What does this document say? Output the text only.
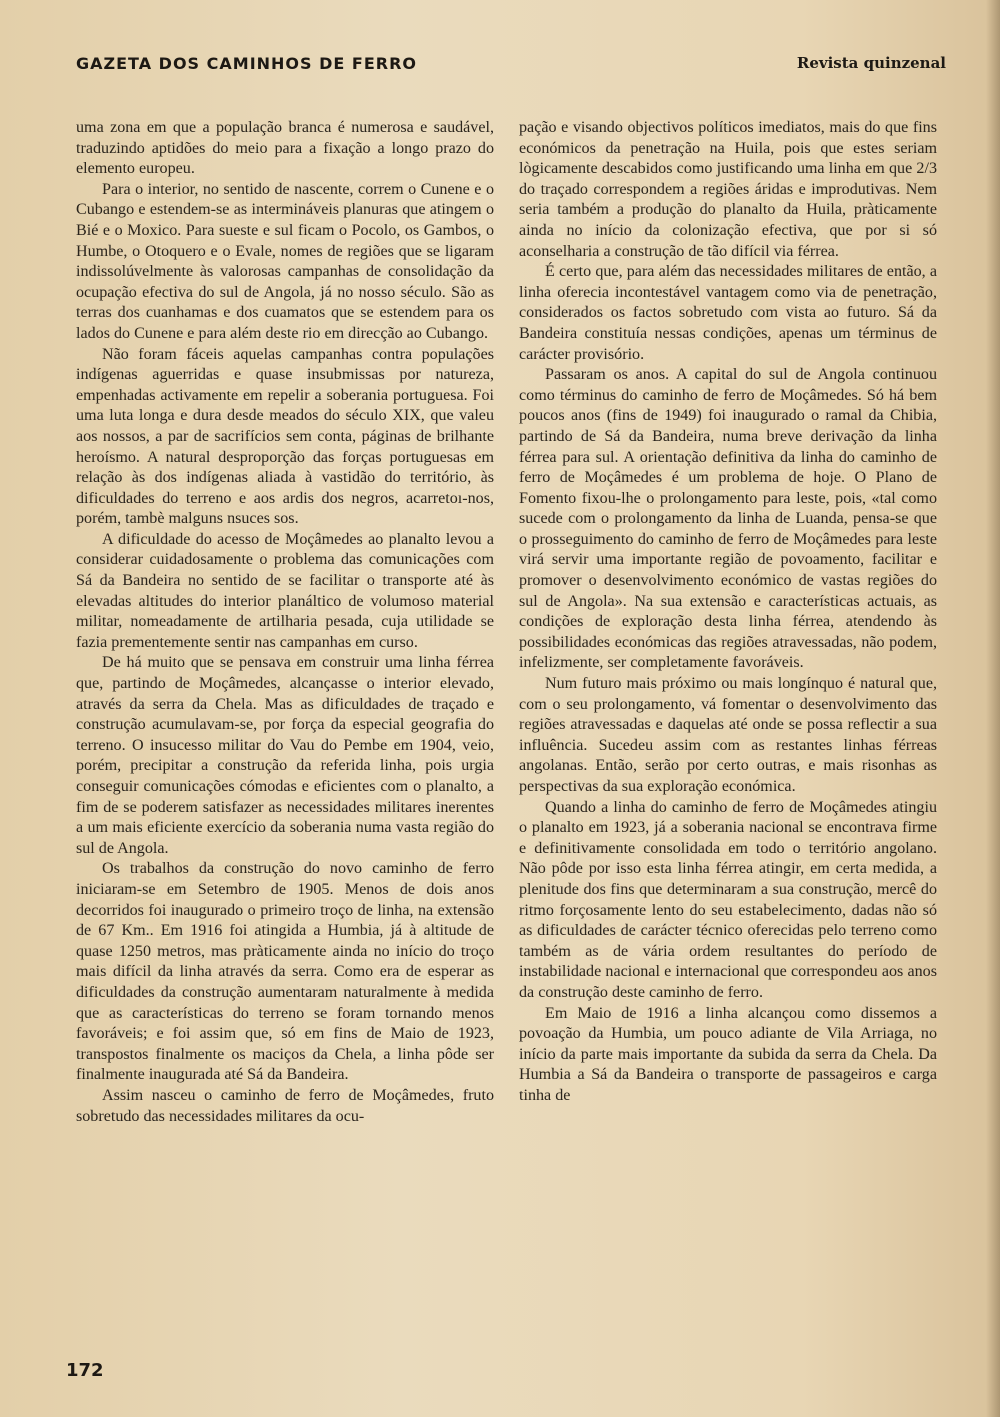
GAZETA DOS CAMINHOS DE FERRO	Revista quinzenal

uma zona em que a população branca é numerosa e saudável, traduzindo aptidões do meio para a fixação a longo prazo do elemento europeu.

Para o interior, no sentido de nascente, correm o Cunene e o Cubango e estendem-se as intermináveis planuras que atingem o Bié e o Moxico. Para sueste e sul ficam o Pocolo, os Gambos, o Humbe, o Otoquero e o Evale, nomes de regiões que se ligaram indissolúvelmente às valorosas campanhas de consolidação da ocupação efectiva do sul de Angola, já no nosso século. São as terras dos cuanhamas e dos cuamatos que se estendem para os lados do Cunene e para além deste rio em direcção ao Cubango.

Não foram fáceis aquelas campanhas contra populações indígenas aguerridas e quase insubmissas por natureza, empenhadas activamente em repelir a soberania portuguesa. Foi uma luta longa e dura desde meados do século XIX, que valeu aos nossos, a par de sacrifícios sem conta, páginas de brilhante heroísmo. A natural desproporção das forças portuguesas em relação às dos indígenas aliada à vastidão do território, às dificuldades do terreno e aos ardis dos negros, acarretoı-nos, porém, tambè malguns nsuces sos.

A dificuldade do acesso de Moçâmedes ao planalto levou a considerar cuidadosamente o problema das comunicações com Sá da Bandeira no sentido de se facilitar o transporte até às elevadas altitudes do interior planáltico de volumoso material militar, nomeadamente de artilharia pesada, cuja utilidade se fazia prementemente sentir nas campanhas em curso.

De há muito que se pensava em construir uma linha férrea que, partindo de Moçâmedes, alcançasse o interior elevado, através da serra da Chela. Mas as dificuldades de traçado e construção acumulavam-se, por força da especial geografia do terreno. O insucesso militar do Vau do Pembe em 1904, veio, porém, precipitar a construção da referida linha, pois urgia conseguir comunicações cómodas e eficientes com o planalto, a fim de se poderem satisfazer as necessidades militares inerentes a um mais eficiente exercício da soberania numa vasta região do sul de Angola.

Os trabalhos da construção do novo caminho de ferro iniciaram-se em Setembro de 1905. Menos de dois anos decorridos foi inaugurado o primeiro troço de linha, na extensão de 67 Km.. Em 1916 foi atingida a Humbia, já à altitude de quase 1250 metros, mas pràticamente ainda no início do troço mais difícil da linha através da serra. Como era de esperar as dificuldades da construção aumentaram naturalmente à medida que as características do terreno se foram tornando menos favoráveis; e foi assim que, só em fins de Maio de 1923, transpostos finalmente os maciços da Chela, a linha pôde ser finalmente inaugurada até Sá da Bandeira.

Assim nasceu o caminho de ferro de Moçâmedes, fruto sobretudo das necessidades militares da ocu-

pação e visando objectivos políticos imediatos, mais do que fins económicos da penetração na Huila, pois que estes seriam lògicamente descabidos como justificando uma linha em que 2/3 do traçado correspondem a regiões áridas e improdutivas. Nem seria também a produção do planalto da Huila, pràticamente ainda no início da colonização efectiva, que por si só aconselharia a construção de tão difícil via férrea.

É certo que, para além das necessidades militares de então, a linha oferecia incontestável vantagem como via de penetração, considerados os factos sobretudo com vista ao futuro. Sá da Bandeira constituía nessas condições, apenas um términus de carácter provisório.

Passaram os anos. A capital do sul de Angola continuou como términus do caminho de ferro de Moçâmedes. Só há bem poucos anos (fins de 1949) foi inaugurado o ramal da Chibia, partindo de Sá da Bandeira, numa breve derivação da linha férrea para sul. A orientação definitiva da linha do caminho de ferro de Moçâmedes é um problema de hoje. O Plano de Fomento fixou-lhe o prolongamento para leste, pois, «tal como sucede com o prolongamento da linha de Luanda, pensa-se que o prosseguimento do caminho de ferro de Moçâmedes para leste virá servir uma importante região de povoamento, facilitar e promover o desenvolvimento económico de vastas regiões do sul de Angola». Na sua extensão e características actuais, as condições de exploração desta linha férrea, atendendo às possibilidades económicas das regiões atravessadas, não podem, infelizmente, ser completamente favoráveis.

Num futuro mais próximo ou mais longínquo é natural que, com o seu prolongamento, vá fomentar o desenvolvimento das regiões atravessadas e daquelas até onde se possa reflectir a sua influência. Sucedeu assim com as restantes linhas férreas angolanas. Então, serão por certo outras, e mais risonhas as perspectivas da sua exploração económica.

Quando a linha do caminho de ferro de Moçâmedes atingiu o planalto em 1923, já a soberania nacional se encontrava firme e definitivamente consolidada em todo o território angolano. Não pôde por isso esta linha férrea atingir, em certa medida, a plenitude dos fins que determinaram a sua construção, mercê do ritmo forçosamente lento do seu estabelecimento, dadas não só as dificuldades de carácter técnico oferecidas pelo terreno como também as de vária ordem resultantes do período de instabilidade nacional e internacional que correspondeu aos anos da construção deste caminho de ferro.

Em Maio de 1916 a linha alcançou como dissemos a povoação da Humbia, um pouco adiante de Vila Arriaga, no início da parte mais importante da subida da serra da Chela. Da Humbia a Sá da Bandeira o transporte de passageiros e carga tinha de

172
